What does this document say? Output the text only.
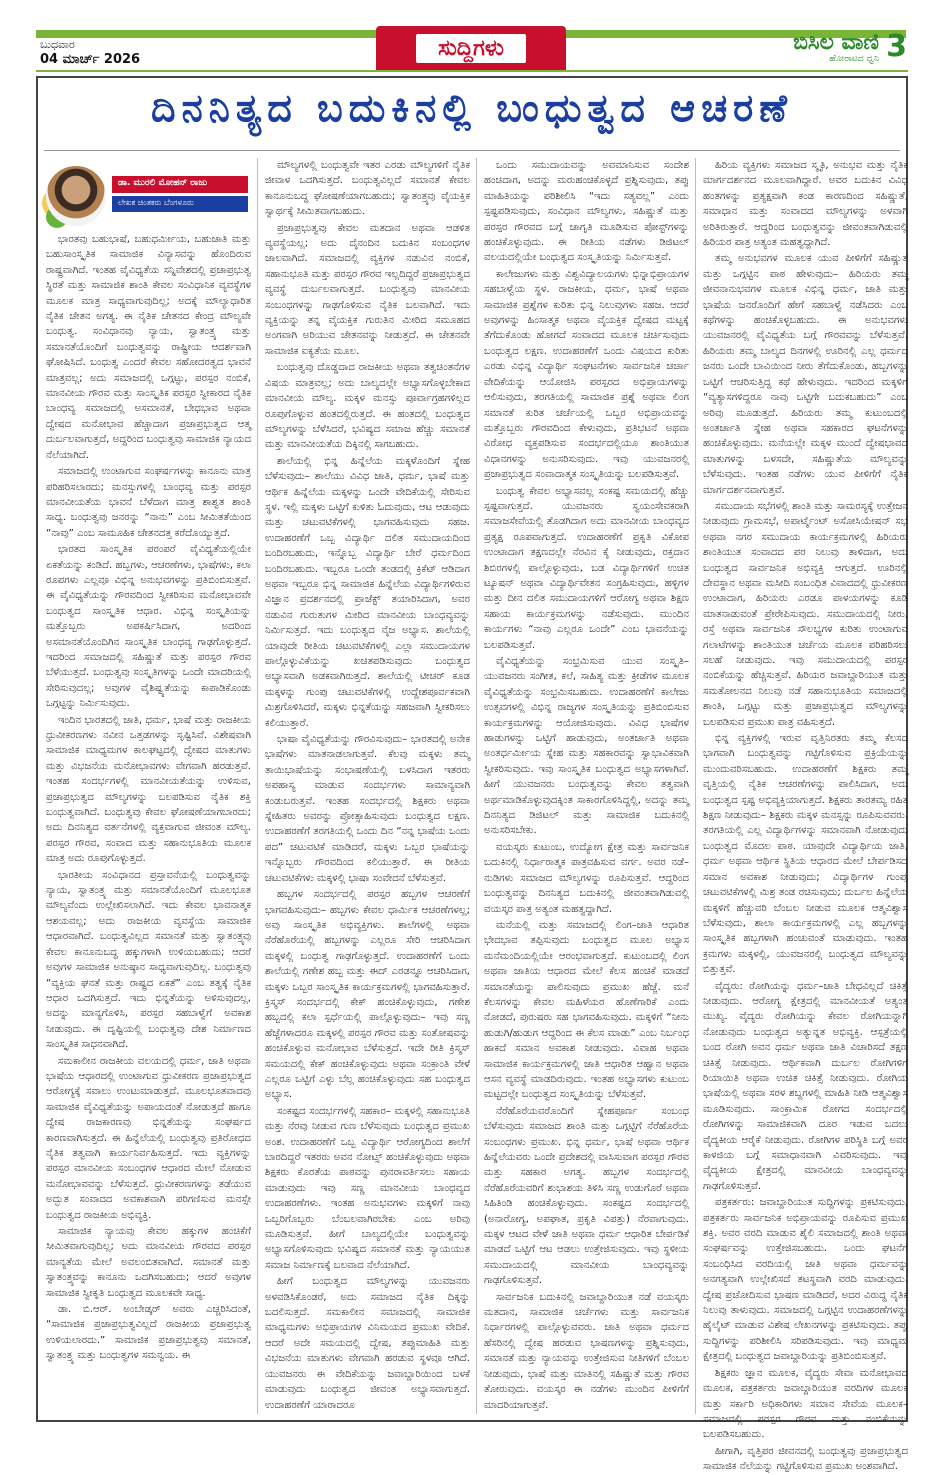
ಬುಧವಾರ
04 ಮಾರ್ಚ್ 2026	ಸುದ್ದಿಗಳು	ಬಿಸಿಲ ವಾಣಿ
ಹೋರಾಟದ ಧ್ವನಿ 3
ದಿನನಿತ್ಯದ ಬದುಕಿನಲ್ಲಿ ಬಂಧುತ್ವದ ಆಚರಣೆ
ಡಾ. ಮುರಲಿ ಮೋಹನ್ ರಾಜು
ಲೇಖಕ ಚಿಂತಕರು ಬೆಂಗಳೂರು

ಭಾರತವು ಬಹುಭಾಷೆ, ಬಹುಧರ್ಮೀಯ, ಬಹುಜಾತಿ ಮತ್ತು ಬಹುಸಾಂಸ್ಕೃತಿಕ ಸಾಮಾಜಿಕ ವಿನ್ಯಾಸವನ್ನು ಹೊಂದಿರುವ ರಾಷ್ಟ್ರವಾಗಿದೆ. ಇಂತಹ ವೈವಿಧ್ಯತೆಯ ಸನ್ನಿವೇಶದಲ್ಲಿ ಪ್ರಜಾಪ್ರಭುತ್ವ ಸ್ಥಿರತೆ ಮತ್ತು ಸಾಮಾಜಿಕ ಶಾಂತಿ ಕೇವಲ ಸಂವಿಧಾನಿಕ ವ್ಯವಸ್ಥೆಗಳ ಮೂಲಕ ಮಾತ್ರ ಸಾಧ್ಯವಾಗುವುದಿಲ್ಲ; ಅದಕ್ಕೆ ಮೌಲ್ಯಾಧಾರಿತ ನೈತಿಕ ಚೇತನ ಅಗತ್ಯ. ಈ ನೈತಿಕ ಚೇತನದ ಕೇಂದ್ರ ಮೌಲ್ಯವೇ ಬಂಧುತ್ವ. ಸಂವಿಧಾನವು ನ್ಯಾಯ, ಸ್ವಾತಂತ್ರ್ಯ ಮತ್ತು ಸಮಾನತೆಯೊಂದಿಗೆ ಬಂಧುತ್ವವನ್ನು ರಾಷ್ಟ್ರೀಯ ಆದರ್ಶವಾಗಿ ಘೋಷಿಸಿದೆ. ಬಂಧುತ್ವ ಎಂದರೆ ಕೇವಲ ಸಹೋದರತ್ವದ ಭಾವನೆ ಮಾತ್ರವಲ್ಲ; ಅದು ಸಮಾಜದಲ್ಲಿ ಒಗ್ಗಟ್ಟು, ಪರಸ್ಪರ ನಂಬಿಕೆ, ಮಾನವೀಯ ಗೌರವ ಮತ್ತು ಸಾಂಸ್ಕೃತಿಕ ಪರಸ್ಪರ ಸ್ವೀಕಾರದ ನೈತಿಕ ಬಾಂಧವ್ಯ ಸಮಾಜದಲ್ಲಿ ಅಸಮಾನತೆ, ಬೇಧಭಾವ ಅಥವಾ ದ್ವೇಷದ ಮನೋಭಾವ ಹೆಚ್ಚಾದಾಗ ಪ್ರಜಾಪ್ರಭುತ್ವದ ಆತ್ಮ ದುರ್ಬಲವಾಗುತ್ತದೆ, ಅದ್ದರಿಂದ ಬಂಧುತ್ವವು ಸಾಮಾಜಿಕ ನ್ಯಾಯದ ನೆಲೆಯಾಗಿದೆ.

ಸಮಾಜದಲ್ಲಿ ಉಂಟಾಗುವ ಸಂಘರ್ಷಗಳನ್ನು ಕಾನೂನು ಮಾತ್ರ ಪರಿಹರಿಸಲಾರದು; ಮನಸ್ಸುಗಳಲ್ಲಿ ಬಾಂಧವ್ಯ ಮತ್ತು ಪರಸ್ಪರ ಮಾನವೀಯತೆಯ ಭಾವನೆ ಬೆಳೆದಾಗ ಮಾತ್ರ ಶಾಶ್ವತ ಶಾಂತಿ ಸಾಧ್ಯ. ಬಂಧುತ್ವವು ಜನರನ್ನು “ನಾನು” ಎಂಬ ಸೀಮಿತತೆಯಿಂದ “ನಾವು” ಎಂಬ ಸಾಮೂಹಿಕ ಚೇತನದತ್ತ ಕರೆದೊಯ್ಯುತ್ತದೆ.

ಭಾರತದ ಸಾಂಸ್ಕೃತಿಕ ಪರಂಪರೆ ವೈವಿಧ್ಯತೆಯಲ್ಲಿಯೇ ಏಕತೆಯನ್ನು ಕಂಡಿದೆ. ಹಬ್ಬಗಳು, ಆಚರಣೆಗಳು, ಭಾಷೆಗಳು, ಕಲಾ ರೂಪಗಳು ಎಲ್ಲವೂ ವಿಭಿನ್ನ ಅನುಭವಗಳನ್ನು ಪ್ರತಿಬಿಂಬಿಸುತ್ತವೆ. ಈ ವೈವಿಧ್ಯತೆಯನ್ನು ಗೌರವದಿಂದ ಸ್ವೀಕರಿಸುವ ಮನೋಭಾವವೇ ಬಂಧುತ್ವದ ಸಾಂಸ್ಕೃತಿಕ ಆಧಾರ. ವಿಭಿನ್ನ ಸಂಸ್ಕೃತಿಯನ್ನು ಮತ್ತೊಬ್ಬರು ಅಪಕರ್ಷಿಸಿದಾಗ, ಅದರಿಂದ ಅಸಮಾನತೆಯೊಂದಿಗಿನ ಸಾಂಸ್ಕೃತಿಕ ಬಾಂಧವ್ಯ ಗಾಢಗೊಳ್ಳುತ್ತದೆ. ಇದರಿಂದ ಸಮಾಜದಲ್ಲಿ ಸಹಿಷ್ಣುತೆ ಮತ್ತು ಪರಸ್ಪರ ಗೌರವ ಬೆಳೆಯುತ್ತದೆ. ಬಂಧುತ್ವವು ಸಂಸ್ಕೃತಿಗಳನ್ನು ಒಂದೇ ಮಾದರಿಯಲ್ಲಿ ಸೇರಿಸುವುದಲ್ಲ; ಅವುಗಳ ವೈಶಿಷ್ಟ್ಯತೆಯನ್ನು ಕಾಪಾಡಿಕೊಂಡು ಒಗ್ಗಟ್ಟನ್ನು ನಿರ್ಮಿಸುವುದು.

ಇಂದಿನ ಭಾರತದಲ್ಲಿ ಜಾತಿ, ಧರ್ಮ, ಭಾಷೆ ಮತ್ತು ರಾಜಕೀಯ ಧ್ರುವೀಕರಣಗಳು ನವೀನ ಒತ್ತಡಗಳನ್ನು ಸೃಷ್ಟಿಸಿವೆ. ವಿಶೇಷವಾಗಿ ಸಾಮಾಜಿಕ ಮಾಧ್ಯಮಗಳ ಕಾಲಘಟ್ಟದಲ್ಲಿ ದ್ವೇಷದ ಮಾತುಗಳು ಮತ್ತು ವಿಭಜನೆಯ ಮನೋಭಾವಗಳು ವೇಗವಾಗಿ ಹರಡುತ್ತವೆ. ಇಂತಹ ಸಂದರ್ಭಗಳಲ್ಲಿ ಮಾನವೀಯತೆಯನ್ನು ಉಳಿಸುವ, ಪ್ರಜಾಪ್ರಭುತ್ವದ ಮೌಲ್ಯಗಳನ್ನು ಬಲಪಡಿಸುವ ನೈತಿಕ ಶಕ್ತಿ ಬಂಧುತ್ವವಾಗಿದೆ. ಬಂಧುತ್ವವು ಕೇವಲ ಘೋಷಣೆಯಾಗಬಾರದು; ಅದು ದಿನನಿತ್ಯದ ವರ್ತನೆಗಳಲ್ಲಿ ವ್ಯಕ್ತವಾಗುವ ಜೀವಂತ ಮೌಲ್ಯ. ಪರಸ್ಪರ ಗೌರವ, ಸಂವಾದ ಮತ್ತು ಸಹಾನುಭೂತಿಯ ಮೂಲಕ ಮಾತ್ರ ಅದು ರೂಪುಗೊಳ್ಳುತ್ತದೆ.

ಭಾರತೀಯ ಸಂವಿಧಾನದ ಪ್ರಸ್ತಾವನೆಯಲ್ಲಿ ಬಂಧುತ್ವವನ್ನು ನ್ಯಾಯ, ಸ್ವಾತಂತ್ರ್ಯ ಮತ್ತು ಸಮಾನತೆಯೊಂದಿಗೆ ಮೂಲಭೂತ ಮೌಲ್ಯವೆಂದು ಉಲ್ಲೇಖಿಸಲಾಗಿದೆ. ಇದು ಕೇವಲ ಭಾವನಾತ್ಮಕ ಆಶಯವಲ್ಲ; ಅದು ರಾಜಕೀಯ ವ್ಯವಸ್ಥೆಯ ಸಾಮಾಜಿಕ ಆಧಾರವಾಗಿದೆ. ಬಂಧುತ್ವವಿಲ್ಲದ ಸಮಾನತೆ ಮತ್ತು ಸ್ವಾತಂತ್ರ್ಯವು ಕೇವಲ ಕಾನೂನುಬದ್ಧ ಹಕ್ಕುಗಳಾಗಿ ಉಳಿಯಬಹುದು; ಆದರೆ ಅವುಗಳ ಸಾಮಾಜಿಕ ಅನುಷ್ಠಾನ ಸಾಧ್ಯವಾಗುವುದಿಲ್ಲ. ಬಂಧುತ್ವವು “ವ್ಯಕ್ತಿಯ ಘನತೆ ಮತ್ತು ರಾಷ್ಟ್ರದ ಏಕತೆ” ಎಂಬ ತತ್ವಕ್ಕೆ ನೈತಿಕ ಆಧಾರ ಒದಗಿಸುತ್ತದೆ. ಇದು ಭಿನ್ನತೆಯನ್ನು ಅಳಿಸುವುದಲ್ಲ, ಅದನ್ನು ಮಾನ್ಯಗೊಳಿಸಿ, ಪರಸ್ಪರ ಸಹಬಾಳ್ವೆಗೆ ಅವಕಾಶ ನೀಡುವುದು. ಈ ದೃಷ್ಟಿಯಲ್ಲಿ ಬಂಧುತ್ವವು ದೇಶ ನಿರ್ಮಾಣದ ಸಾಂಸ್ಕೃತಿಕ ಸಾಧನವಾಗಿದೆ.

ಸಮಕಾಲೀನ ರಾಜಕೀಯ ವಲಯದಲ್ಲಿ ಧರ್ಮ, ಜಾತಿ ಅಥವಾ ಭಾಷೆಯ ಆಧಾರದಲ್ಲಿ ಉಂಟಾಗುವ ಧ್ರುವೀಕರಣ ಪ್ರಜಾಪ್ರಭುತ್ವದ ಆರೋಗ್ಯಕ್ಕೆ ಸವಾಲು ಉಂಟುಮಾಡುತ್ತದೆ. ಮೂಲಭೂತವಾದವು ಸಾಮಾಜಿಕ ವೈವಿಧ್ಯತೆಯನ್ನು ಅಪಾಯದಂತೆ ನೋಡುತ್ತದೆ ಹಾಗೂ ದ್ವೇಷ ರಾಜಕಾರಣವು ಭಿನ್ನತೆಯನ್ನು ಸಂಘರ್ಷದ ಕಾರಣವಾಗಿಸುತ್ತದೆ. ಈ ಹಿನ್ನೆಲೆಯಲ್ಲಿ ಬಂಧುತ್ವವು ಪ್ರತಿರೋಧದ ನೈತಿಕ ತತ್ವವಾಗಿ ಕಾರ್ಯನಿರ್ವಹಿಸುತ್ತದೆ. ಇದು ವ್ಯಕ್ತಿಗಳನ್ನು ಪರಸ್ಪರ ಮಾನವೀಯ ಸಂಬಂಧಗಳ ಆಧಾರದ ಮೇಲೆ ನೋಡುವ ಮನೋಭಾವವನ್ನು ಬೆಳೆಸುತ್ತದೆ. ಧ್ರುವೀಕರಣಗಳನ್ನು ತಡೆಯುವ ಅದ್ಭುತ ಸಂವಾದದ ಅವಕಾಶವಾಗಿ ಪರಿಗಣಿಸುವ ಮನಸ್ಸೇ ಬಂಧುತ್ವದ ರಾಜಕೀಯ ಅಭಿವ್ಯಕ್ತಿ.

ಸಾಮಾಜಿಕ ನ್ಯಾಯವು ಕೇವಲ ಹಕ್ಕುಗಳ ಹಂಚಿಕೆಗೆ ಸೀಮಿತವಾಗುವುದಿಲ್ಲ; ಅದು ಮಾನವೀಯ ಗೌರವದ ಪರಸ್ಪರ ಮಾನ್ಯತೆಯ ಮೇಲೆ ಅವಲಂಬಿತವಾಗಿದೆ. ಸಮಾನತೆ ಮತ್ತು ಸ್ವಾತಂತ್ರ್ಯವನ್ನು ಕಾನೂನು ಒದಗಿಸಬಹುದು; ಆದರೆ ಅವುಗಳ ಸಾಮಾಜಿಕ ಸ್ವೀಕೃತಿ ಬಂಧುತ್ವದ ಮೂಲಕವೇ ಸಾಧ್ಯ.

ಡಾ. ಬಿ.ಆರ್. ಅಂಬೇಡ್ಕರ್ ಅವರು ಎಚ್ಚರಿಸಿದಂತೆ, “ಸಾಮಾಜಿಕ ಪ್ರಜಾಪ್ರಭುತ್ವವಿಲ್ಲದೆ ರಾಜಕೀಯ ಪ್ರಜಾಪ್ರಭುತ್ವ ಉಳಿಯಲಾರದು.” ಸಾಮಾಜಿಕ ಪ್ರಜಾಪ್ರಭುತ್ವವು ಸಮಾನತೆ, ಸ್ವಾತಂತ್ರ್ಯ ಮತ್ತು ಬಂಧುತ್ವಗಳ ಸಮನ್ವಯ. ಈ

ಮೌಲ್ಯಗಳಲ್ಲಿ ಬಂಧುತ್ವವೇ ಇತರ ಎರಡು ಮೌಲ್ಯಗಳಿಗೆ ನೈತಿಕ ಜೀವಾಳ ಒದಗಿಸುತ್ತದೆ. ಬಂಧುತ್ವವಿಲ್ಲದೆ ಸಮಾನತೆ ಕೇವಲ ಕಾನೂನುಬದ್ಧ ಘೋಷಣೆಯಾಗಬಹುದು; ಸ್ವಾತಂತ್ರ್ಯವು ವೈಯಕ್ತಿಕ ಸ್ವಾರ್ಥಕ್ಕೆ ಸೀಮಿತವಾಗಬಹುದು.

ಪ್ರಜಾಪ್ರಭುತ್ವವು ಕೇವಲ ಮತದಾನ ಅಥವಾ ಆಡಳಿತ ವ್ಯವಸ್ಥೆಯಲ್ಲ; ಅದು ದೈನಂದಿನ ಬದುಕಿನ ಸಂಬಂಧಗಳ ಜಾಲವಾಗಿದೆ. ಸಮಾಜದಲ್ಲಿ ವ್ಯಕ್ತಿಗಳ ನಡುವಿನ ನಂಬಿಕೆ, ಸಹಾನುಭೂತಿ ಮತ್ತು ಪರಸ್ಪರ ಗೌರವ ಇಲ್ಲದಿದ್ದರೆ ಪ್ರಜಾಪ್ರಭುತ್ವದ ವ್ಯವಸ್ಥೆ ದುರ್ಬಲವಾಗುತ್ತದೆ. ಬಂಧುತ್ವವು ಮಾನವೀಯ ಸಂಬಂಧಗಳನ್ನು ಗಾಢಗೊಳಿಸುವ ನೈತಿಕ ಬಲವಾಗಿದೆ. ಇದು ವ್ಯಕ್ತಿಯನ್ನು ತನ್ನ ವೈಯಕ್ತಿಕ ಗುರುತಿನ ಮೀರಿದ ಸಮೂಹದ ಅಂಗವಾಗಿ ಅರಿಯುವ ಚೇತನವನ್ನು ನೀಡುತ್ತದೆ. ಈ ಚೇತನವೇ ಸಾಮಾಜಿಕ ಐಕ್ಯತೆಯ ಮೂಲ.

ಬಂಧುತ್ವವು ದೊಡ್ಡದಾದ ರಾಜಕೀಯ ಅಥವಾ ತತ್ವಚಿಂತನೆಗಳ ವಿಷಯ ಮಾತ್ರವಲ್ಲ; ಅದು ಬಾಲ್ಯದಲ್ಲೇ ಅಭ್ಯಾಸಗೊಳ್ಳಬೇಕಾದ ಮಾನವೀಯ ಮೌಲ್ಯ. ಮಕ್ಕಳ ಮನಸ್ಸು ಪೂರ್ವಾಗ್ರಹಗಳಿಲ್ಲದ ರೂಪುಗೊಳ್ಳುವ ಹಂತದಲ್ಲಿರುತ್ತದೆ. ಈ ಹಂತದಲ್ಲಿ ಬಂಧುತ್ವದ ಮೌಲ್ಯಗಳನ್ನು ಬೆಳೆಸಿದರೆ, ಭವಿಷ್ಯದ ಸಮಾಜ ಹೆಚ್ಚು ಸಮಾನತೆ ಮತ್ತು ಮಾನವೀಯತೆಯ ದಿಕ್ಕಿನಲ್ಲಿ ಸಾಗಬಹುದು.

ಶಾಲೆಯಲ್ಲಿ ಭಿನ್ನ ಹಿನ್ನೆಲೆಯ ಮಕ್ಕಳೊಂದಿಗೆ ಸ್ನೇಹ ಬೆಳೆಸುವುದು– ಶಾಲೆಯು ವಿವಿಧ ಜಾತಿ, ಧರ್ಮ, ಭಾಷೆ ಮತ್ತು ಆರ್ಥಿಕ ಹಿನ್ನೆಲೆಯ ಮಕ್ಕಳನ್ನು ಒಂದೇ ವೇದಿಕೆಯಲ್ಲಿ ಸೇರಿಸುವ ಸ್ಥಳ. ಇಲ್ಲಿ ಮಕ್ಕಳು ಒಟ್ಟಿಗೆ ಕುಳಿತು ಓದುವುದು, ಆಟ ಆಡುವುದು ಮತ್ತು ಚಟುವಟಿಕೆಗಳಲ್ಲಿ ಭಾಗವಹಿಸುವುದು ಸಹಜ. ಉದಾಹರಣೆಗೆ ಒಬ್ಬ ವಿದ್ಯಾರ್ಥಿ ದಲಿತ ಸಮುದಾಯದಿಂದ ಬಂದಿರಬಹುದು, ಇನ್ನೊಬ್ಬ ವಿದ್ಯಾರ್ಥಿ ಬೇರೆ ಧರ್ಮದಿಂದ ಬಂದಿರಬಹುದು. ಇಬ್ಬರೂ ಒಂದೇ ತಂಡದಲ್ಲಿ ಕ್ರಿಕೆಟ್ ಆಡಿದಾಗ ಅಥವಾ ಇಬ್ಬರೂ ಭಿನ್ನ ಸಾಮಾಜಿಕ ಹಿನ್ನೆಲೆಯ ವಿದ್ಯಾರ್ಥಿಗಳಿರುವ ವಿಜ್ಞಾನ ಪ್ರದರ್ಶನದಲ್ಲಿ ಪ್ರಾಜೆಕ್ಟ್ ತಯಾರಿಸಿದಾಗ, ಅವರ ನಡುವಿನ ಗುರುತುಗಳ ಮೀರಿದ ಮಾನವೀಯ ಬಾಂಧವ್ಯವನ್ನು ನಿರ್ಮಿಸುತ್ತದೆ. ಇದು ಬಂಧುತ್ವದ ನೈಜ ಅಭ್ಯಾಸ. ಶಾಲೆಯಲ್ಲಿ ಯಾವುದೇ ರೀತಿಯ ಚಟುವಟಿಕೆಗಳಲ್ಲಿ ಎಲ್ಲಾ ಸಮುದಾಯಗಳ ಪಾಲ್ಗೊಳ್ಳುವಿಕೆಯನ್ನು ಖಚಿತಪಡಿಸುವುದು ಬಂಧುತ್ವದ ಅಭ್ಯಾಸವಾಗಿ ಅಡಕವಾಗಿರುತ್ತದೆ. ಶಾಲೆಯಲ್ಲಿ ಟೀಚರ್ ಕೂಡ ಮಕ್ಕಳನ್ನು ಗುಂಪು ಚಟುವಟಿಕೆಗಳಲ್ಲಿ ಉದ್ದೇಶಪೂರ್ವಕವಾಗಿ ಮಿಶ್ರಗೊಳಿಸಿದರೆ, ಮಕ್ಕಳು ಭಿನ್ನತೆಯನ್ನು ಸಹಜವಾಗಿ ಸ್ವೀಕರಿಸಲು ಕಲಿಯುತ್ತಾರೆ.

ಭಾಷಾ ವೈವಿಧ್ಯತೆಯನ್ನು ಗೌರವಿಸುವುದು– ಭಾರತದಲ್ಲಿ ಅನೇಕ ಭಾಷೆಗಳು ಮಾತನಾಡಲಾಗುತ್ತವೆ. ಕೆಲವು ಮಕ್ಕಳು ತಮ್ಮ ತಾಯಿಭಾಷೆಯನ್ನು ಸಂಭಾಷಣೆಯಲ್ಲಿ ಬಳಸಿದಾಗ ಇತರರು ಅಪಹಾಸ್ಯ ಮಾಡುವ ಸಂದರ್ಭಗಳು ಸಾಮಾನ್ಯವಾಗಿ ಕಂಡುಬರುತ್ತವೆ. ಇಂತಹ ಸಂದರ್ಭದಲ್ಲಿ ಶಿಕ್ಷಕರು ಅಥವಾ ಸ್ನೇಹಿತರು ಅವರನ್ನು ಪ್ರೋತ್ಸಾಹಿಸುವುದು ಬಂಧುತ್ವದ ಲಕ್ಷಣ. ಉದಾಹರಣೆಗೆ ತರಗತಿಯಲ್ಲಿ ಒಂದು ದಿನ “ನನ್ನ ಭಾಷೆಯ ಒಂದು ಪದ” ಚಟುವಟಿಕೆ ಮಾಡಿದರೆ, ಮಕ್ಕಳು ಒಬ್ಬರ ಭಾಷೆಯನ್ನು ಇನ್ನೊಬ್ಬರು ಗೌರವದಿಂದ ಕಲಿಯುತ್ತಾರೆ. ಈ ರೀತಿಯ ಚಟುವಟಿಕೆಗಳು ಮಕ್ಕಳಲ್ಲಿ ಭಾಷಾ ಸಂವೇದನೆ ಬೆಳೆಸುತ್ತವೆ.

ಹಬ್ಬಗಳ ಸಂದರ್ಭದಲ್ಲಿ ಪರಸ್ಪರ ಹಬ್ಬಗಳ ಆಚರಣೆಗೆ ಭಾಗವಹಿಸುವುದು– ಹಬ್ಬಗಳು ಕೇವಲ ಧಾರ್ಮಿಕ ಆಚರಣೆಗಳಲ್ಲ; ಅವು ಸಾಂಸ್ಕೃತಿಕ ಅಭಿವ್ಯಕ್ತಿಗಳು. ಶಾಲೆಗಳಲ್ಲಿ ಅಥವಾ ನೆರೆಹೊರೆಯಲ್ಲಿ ಹಬ್ಬಗಳನ್ನು ಎಲ್ಲರೂ ಸೇರಿ ಆಚರಿಸಿದಾಗ ಮಕ್ಕಳಲ್ಲಿ ಬಂಧುತ್ವ ಗಾಢಗೊಳ್ಳುತ್ತದೆ. ಉದಾಹರಣೆಗೆ ಒಂದು ಶಾಲೆಯಲ್ಲಿ ಗಣೇಶ ಹಬ್ಬ ಮತ್ತು ಈದ್ ಎರಡನ್ನೂ ಆಚರಿಸಿದಾಗ, ಮಕ್ಕಳು ಒಬ್ಬರ ಸಾಂಸ್ಕೃತಿಕ ಕಾರ್ಯಕ್ರಮಗಳಲ್ಲಿ ಭಾಗವಹಿಸುತ್ತಾರೆ. ಕ್ರಿಸ್ಮಸ್ ಸಂದರ್ಭದಲ್ಲಿ ಕೇಕ್ ಹಂಚಿಕೊಳ್ಳುವುದು, ಗಣೇಶ ಹಬ್ಬದಲ್ಲಿ ಕಲಾ ಸ್ಪರ್ಧೆಯಲ್ಲಿ ಪಾಲ್ಗೊಳ್ಳುವುದು– ಇವು ಸಣ್ಣ ಹೆಜ್ಜೆಗಳಾದರೂ ಮಕ್ಕಳಲ್ಲಿ ಪರಸ್ಪರ ಗೌರವ ಮತ್ತು ಸಂತೋಷವನ್ನು ಹಂಚಿಕೊಳ್ಳುವ ಮನೋಭಾವ ಬೆಳೆಸುತ್ತದೆ. ಇದೇ ರೀತಿ ಕ್ರಿಸ್ಮಸ್ ಸಮಯದಲ್ಲಿ ಕೇಕ್ ಹಂಚಿಕೊಳ್ಳುವುದು ಅಥವಾ ಸಂಕ್ರಾಂತಿ ವೇಳೆ ಎಲ್ಲರೂ ಒಟ್ಟಿಗೆ ಎಳ್ಳು ಬೆಲ್ಲ ಹಂಚಿಕೊಳ್ಳುವುದು ಸಹ ಬಂಧುತ್ವದ ಅಭ್ಯಾಸ.

ಸಂಕಷ್ಟದ ಸಂದರ್ಭಗಳಲ್ಲಿ ಸಹಕಾರ– ಮಕ್ಕಳಲ್ಲಿ ಸಹಾನುಭೂತಿ ಮತ್ತು ನೆರವು ನೀಡುವ ಗುಣ ಬೆಳೆಸುವುದು ಬಂಧುತ್ವದ ಪ್ರಮುಖ ಅಂಶ. ಉದಾಹರಣೆಗೆ ಒಬ್ಬ ವಿದ್ಯಾರ್ಥಿ ಆರೋಗ್ಯದಿಂದ ಶಾಲೆಗೆ ಬಾರದಿದ್ದರೆ ಇತರರು ಅವನ ನೋಟ್ಸ್ ಹಂಚಿಕೊಳ್ಳುವುದು ಅಥವಾ ಶಿಕ್ಷಕರು ಕೊರತೆಯ ಪಾಠವನ್ನು ಪುನರಾವರ್ತಿಸಲು ಸಹಾಯ ಮಾಡುವುದು ಇವು ಸಣ್ಣ ಮಾನವೀಯ ಬಾಂಧವ್ಯದ ಉದಾಹರಣೆಗಳು. ಇಂತಹ ಅನುಭವಗಳು ಮಕ್ಕಳಿಗೆ ನಾವು ಒಬ್ಬರಿಗೊಬ್ಬರು ಬೆಂಬಲವಾಗಿರಬೇಕು ಎಂಬ ಅರಿವು ಮೂಡಿಸುತ್ತವೆ. ಹೀಗೆ ಬಾಲ್ಯದಲ್ಲಿಯೇ ಬಂಧುತ್ವವನ್ನು ಅಭ್ಯಾಸಗೊಳಿಸುವುದು ಭವಿಷ್ಯದ ಸಮಾನತೆ ಮತ್ತು ನ್ಯಾಯಯುತ ಸಮಾಜ ನಿರ್ಮಾಣಕ್ಕೆ ಬಲವಾದ ನೆಲೆಯಾಗಿದೆ.

ಹೀಗೆ ಬಂಧುತ್ವದ ಮೌಲ್ಯಗಳನ್ನು ಯುವಜನರು ಅಳವಡಿಸಿಕೊಂಡರೆ, ಅದು ಸಮಾಜದ ನೈತಿಕ ದಿಕ್ಕನ್ನು ಬದಲಿಸುತ್ತದೆ. ಸಮಕಾಲೀನ ಸಮಾಜದಲ್ಲಿ ಸಾಮಾಜಿಕ ಮಾಧ್ಯಮಗಳು ಅಭಿಪ್ರಾಯಗಳ ವಿನಿಮಯದ ಪ್ರಮುಖ ವೇದಿಕೆ. ಆದರೆ ಅದೇ ಸಮಯದಲ್ಲಿ ದ್ವೇಷ, ತಪ್ಪುಮಾಹಿತಿ ಮತ್ತು ವಿಭಜನೆಯ ಮಾತುಗಳು ವೇಗವಾಗಿ ಹರಡುವ ಸ್ಥಳವೂ ಆಗಿದೆ. ಯುವಜನರು ಈ ವೇದಿಕೆಯನ್ನು ಜವಾಬ್ದಾರಿಯಿಂದ ಬಳಕೆ ಮಾಡುವುದು ಬಂಧುತ್ವದ ಜೀವಂತ ಅಭ್ಯಾಸವಾಗುತ್ತದೆ. ಉದಾಹರಣೆಗೆ ಯಾರಾದರೂ

ಒಂದು ಸಮುದಾಯವನ್ನು ಅವಮಾನಿಸುವ ಸಂದೇಶ ಹಂಚಿದಾಗ, ಅದನ್ನು ಮರುಹಂಚಿಕೊಳ್ಳದೆ ಪ್ರಶ್ನಿಸುವುದು, ತಪ್ಪು ಮಾಹಿತಿಯನ್ನು ಪರಿಶೀಲಿಸಿ “ಇದು ಸತ್ಯವಲ್ಲ” ಎಂದು ಸ್ಪಷ್ಟಪಡಿಸುವುದು, ಸಂವಿಧಾನ ಮೌಲ್ಯಗಳು, ಸಹಿಷ್ಣುತೆ ಮತ್ತು ಪರಸ್ಪರ ಗೌರವದ ಬಗ್ಗೆ ಜಾಗೃತಿ ಮೂಡಿಸುವ ಪೋಸ್ಟ್‌ಗಳನ್ನು ಹಂಚಿಕೊಳ್ಳುವುದು. ಈ ರೀತಿಯ ನಡೆಗಳು ಡಿಜಿಟಲ್ ವಲಯದಲ್ಲಿಯೇ ಬಂಧುತ್ವದ ಸಂಸ್ಕೃತಿಯನ್ನು ನಿರ್ಮಿಸುತ್ತವೆ.

ಕಾಲೇಜುಗಳು ಮತ್ತು ವಿಶ್ವವಿದ್ಯಾಲಯಗಳು ಭಿನ್ನಾಭಿಪ್ರಾಯಗಳ ಸಹಬಾಳ್ವೆಯ ಸ್ಥಳ. ರಾಜಕೀಯ, ಧರ್ಮ, ಭಾಷೆ ಅಥವಾ ಸಾಮಾಜಿಕ ಪ್ರಶ್ನೆಗಳ ಕುರಿತು ಭಿನ್ನ ನಿಲುವುಗಳು ಸಹಜ. ಆದರೆ ಅವುಗಳನ್ನು ಹಿಂಸಾತ್ಮಕ ಅಥವಾ ವೈಯಕ್ತಿಕ ದ್ವೇಷದ ಮಟ್ಟಕ್ಕೆ ತೆಗೆದುಕೊಂಡು ಹೋಗದೆ ಸಂವಾದದ ಮೂಲಕ ಚರ್ಚಿಸುವುದು ಬಂಧುತ್ವದ ಲಕ್ಷಣ. ಉದಾಹರಣೆಗೆ ಒಂದು ವಿಷಯದ ಕುರಿತು ಎರಡು ವಿಭಿನ್ನ ವಿದ್ಯಾರ್ಥಿ ಸಂಘಟನೆಗಳು ಸಾರ್ವಜನಿಕ ಚರ್ಚಾ ವೇದಿಕೆಯನ್ನು ಆಯೋಜಿಸಿ ಪರಸ್ಪರದ ಅಭಿಪ್ರಾಯಗಳನ್ನು ಆಲಿಸುವುದು, ತರಗತಿಯಲ್ಲಿ ಸಾಮಾಜಿಕ ಪ್ರಶ್ನೆ ಅಥವಾ ಲಿಂಗ ಸಮಾನತೆ ಕುರಿತ ಚರ್ಚೆಯಲ್ಲಿ ಒಬ್ಬರ ಅಭಿಪ್ರಾಯವನ್ನು ಮತ್ತೊಬ್ಬರು ಗೌರವದಿಂದ ಕೇಳುವುದು, ಪ್ರತಿಭಟನೆ ಅಥವಾ ವಿರೋಧ ವ್ಯಕ್ತಪಡಿಸುವ ಸಂದರ್ಭದಲ್ಲಿಯೂ ಶಾಂತಿಯುತ ವಿಧಾನಗಳನ್ನು ಅನುಸರಿಸುವುದು. ಇವು ಯುವಜನರಲ್ಲಿ ಪ್ರಜಾಪ್ರಭುತ್ವದ ಸಂವಾದಾತ್ಮಕ ಸಂಸ್ಕೃತಿಯನ್ನು ಬಲಪಡಿಸುತ್ತವೆ.

ಬಂಧುತ್ವ ಕೇವಲ ಅಭ್ಯಾಸವಲ್ಲ ಸಂಕಷ್ಟ ಸಮಯದಲ್ಲಿ ಹೆಚ್ಚು ಸ್ಪಷ್ಟವಾಗುತ್ತದೆ. ಯುವಜನರು ಸ್ವಯಂಸೇವಕರಾಗಿ ಸಮಾಜಸೇವೆಯಲ್ಲಿ ತೊಡಗಿದಾಗ ಅದು ಮಾನವೀಯ ಬಾಂಧವ್ಯದ ಪ್ರತ್ಯಕ್ಷ ರೂಪವಾಗುತ್ತದೆ. ಉದಾಹರಣೆಗೆ ಪ್ರಕೃತಿ ವಿಕೋಪ ಉಂಟಾದಾಗ ತಕ್ಷಣದಲ್ಲೇ ನೆರವಿನ ಕೈ ನೀಡುವುದು, ರಕ್ತದಾನ ಶಿಬಿರಗಳಲ್ಲಿ ಪಾಲ್ಗೊಳ್ಳುವುದು, ಬಡ ವಿದ್ಯಾರ್ಥಿಗಳಿಗೆ ಉಚಿತ ಟ್ಯೂಷನ್ ಅಥವಾ ವಿದ್ಯಾರ್ಥಿವೇತನ ಸಂಗ್ರಹಿಸುವುದು, ಹಳ್ಳಿಗಳ ಮತ್ತು ದೀನ ದಲಿತ ಸಮುದಾಯಗಳಿಗೆ ಆರೋಗ್ಯ ಅಥವಾ ಶಿಕ್ಷಣ ಸಹಾಯ ಕಾರ್ಯಕ್ರಮಗಳನ್ನು ನಡೆಸುವುದು. ಮುಂದಿನ ಕಾರ್ಯಗಳು “ನಾವು ಎಲ್ಲರೂ ಒಂದೇ” ಎಂಬ ಭಾವನೆಯನ್ನು ಬಲಪಡಿಸುತ್ತವೆ.

ವೈವಿಧ್ಯತೆಯನ್ನು ಸಂಭ್ರಮಿಸುವ ಯುವ ಸಂಸ್ಕೃತಿ– ಯುವಜನರು ಸಂಗೀತ, ಕಲೆ, ಸಾಹಿತ್ಯ ಮತ್ತು ಕ್ರೀಡೆಗಳ ಮೂಲಕ ವೈವಿಧ್ಯತೆಯನ್ನು ಸಂಭ್ರಮಿಸಬಹುದು. ಉದಾಹರಣೆಗೆ ಕಾಲೇಜು ಉತ್ಸವಗಳಲ್ಲಿ ವಿಭಿನ್ನ ರಾಜ್ಯಗಳ ಸಂಸ್ಕೃತಿಯನ್ನು ಪ್ರತಿಬಿಂಬಿಸುವ ಕಾರ್ಯಕ್ರಮಗಳನ್ನು ಆಯೋಜಿಸುವುದು. ವಿವಿಧ ಭಾಷೆಗಳ ಹಾಡುಗಳನ್ನು ಒಟ್ಟಿಗೆ ಹಾಡುವುದು, ಅಂತರ್ಜಾತಿ ಅಥವಾ ಅಂತರ್ಧರ್ಮೀಯ ಸ್ನೇಹ ಮತ್ತು ಸಹಕಾರವನ್ನು ಸ್ವಾಭಾವಿಕವಾಗಿ ಸ್ವೀಕರಿಸುವುದು. ಇವು ಸಾಂಸ್ಕೃತಿಕ ಬಂಧುತ್ವದ ಅಭ್ಯಾಸಗಳಾಗಿವೆ. ಹೀಗೆ ಯುವಜನರು ಬಂಧುತ್ವವನ್ನು ಕೇವಲ ತತ್ವವಾಗಿ ಅರ್ಥಮಾಡಿಕೊಳ್ಳುವುದಕ್ಕಿಂತ ಸಾಕಾರಗೊಳಿಸಿದ್ದಲ್ಲಿ, ಅದನ್ನು ತಮ್ಮ ದಿನನಿತ್ಯದ ಡಿಜಿಟಲ್ ಮತ್ತು ಸಾಮಾಜಿಕ ಬದುಕಿನಲ್ಲಿ ಅನುಸರಿಸಬೇಕು.

ವಯಸ್ಕರು ಕುಟುಂಬ, ಉದ್ಯೋಗ ಕ್ಷೇತ್ರ ಮತ್ತು ಸಾರ್ವಜನಿಕ ಬದುಕಿನಲ್ಲಿ ನಿರ್ಧಾರಾತ್ಮಕ ಪಾತ್ರವಹಿಸುವ ವರ್ಗ. ಅವರ ನಡೆ–ನುಡಿಗಳು ಸಮಾಜದ ಮೌಲ್ಯಗಳನ್ನು ರೂಪಿಸುತ್ತವೆ. ಆದ್ದರಿಂದ ಬಂಧುತ್ವವನ್ನು ದಿನನಿತ್ಯದ ಬದುಕಿನಲ್ಲಿ ಜೀವಂತವಾಗಿಡುವಲ್ಲಿ ವಯಸ್ಕರ ಪಾತ್ರ ಅತ್ಯಂತ ಮಹತ್ವದ್ದಾಗಿದೆ.

ಮನೆಯಲ್ಲಿ ಮತ್ತು ಸಮಾಜದಲ್ಲಿ ಲಿಂಗ–ಜಾತಿ ಆಧಾರಿತ ಭೇದಭಾವ ತಪ್ಪಿಸುವುದು ಬಂಧುತ್ವದ ಮೂಲ ಅಭ್ಯಾಸ ಮನೆಮಂದಿಯಲ್ಲಿಯೇ ಆರಂಭವಾಗುತ್ತದೆ. ಕುಟುಂಬದಲ್ಲಿ ಲಿಂಗ ಅಥವಾ ಜಾತಿಯ ಆಧಾರದ ಮೇಲೆ ಕೆಲಸ ಹಂಚಿಕೆ ಮಾಡದೆ ಸಮಾನತೆಯನ್ನು ಪಾಲಿಸುವುದು ಪ್ರಮುಖ ಹೆಜ್ಜೆ. ಮನೆ ಕೆಲಸಗಳನ್ನು ಕೇವಲ ಮಹಿಳೆಯರ ಹೊಣೆಗಾರಿಕೆ ಎಂದು ನೋಡದೆ, ಪುರುಷರು ಸಹ ಭಾಗವಹಿಸುವುದು. ಮಕ್ಕಳಿಗೆ “ನೀನು ಹುಡುಗಿ/ಹುಡುಗ ಆದ್ದರಿಂದ ಈ ಕೆಲಸ ಮಾಡು” ಎಂಬ ನಿರ್ಬಂಧ ಹಾಕದೆ ಸಮಾನ ಅವಕಾಶ ನೀಡುವುದು. ವಿವಾಹ ಅಥವಾ ಸಾಮಾಜಿಕ ಕಾರ್ಯಕ್ರಮಗಳಲ್ಲಿ ಜಾತಿ ಆಧಾರಿತ ಆಹ್ವಾನ ಅಥವಾ ಆಸನ ವ್ಯವಸ್ಥೆ ಮಾಡದಿರುವುದು. ಇಂತಹ ಅಭ್ಯಾಸಗಳು ಕುಟುಂಬ ಮಟ್ಟದಲ್ಲೇ ಬಂಧುತ್ವದ ಸಂಸ್ಕೃತಿಯನ್ನು ಬೆಳೆಸುತ್ತವೆ.

ನೆರೆಹೊರೆಯವರೊಂದಿಗೆ ಸ್ನೇಹಪೂರ್ಣ ಸಂಬಂಧ ಬೆಳೆಸುವುದು ಸಮಾಜದ ಶಾಂತಿ ಮತ್ತು ಒಗ್ಗಟ್ಟಿಗೆ ನೆರೆಹೊರೆಯ ಸಂಬಂಧಗಳು ಪ್ರಮುಖ. ಭಿನ್ನ ಧರ್ಮ, ಭಾಷೆ ಅಥವಾ ಆರ್ಥಿಕ ಹಿನ್ನೆಲೆಯವರು ಒಂದೇ ಪ್ರದೇಶದಲ್ಲಿ ವಾಸಿಸುವಾಗ ಪರಸ್ಪರ ಗೌರವ ಮತ್ತು ಸಹಕಾರ ಅಗತ್ಯ. ಹಬ್ಬಗಳ ಸಂದರ್ಭದಲ್ಲಿ ನೆರೆಹೊರೆಯವರಿಗೆ ಶುಭಾಶಯ ತಿಳಿಸಿ ಸಣ್ಣ ಉಡುಗೊರೆ ಅಥವಾ ಸಿಹಿತಿಂಡಿ ಹಂಚಿಕೊಳ್ಳುವುದು. ಸಂಕಷ್ಟದ ಸಂದರ್ಭದಲ್ಲಿ (ಅನಾರೋಗ್ಯ, ಅಪಘಾತ, ಪ್ರಕೃತಿ ವಿಪತ್ತು) ನೆರವಾಗುವುದು. ಮಕ್ಕಳ ಆಟದ ವೇಳೆ ಜಾತಿ ಅಥವಾ ಧರ್ಮ ಆಧಾರಿತ ಬೇರ್ಪಡಿಕೆ ಮಾಡದೆ ಒಟ್ಟಿಗೆ ಆಟ ಆಡಲು ಉತ್ತೇಜಿಸುವುದು. ಇವು ಸ್ಥಳೀಯ ಸಮುದಾಯದಲ್ಲಿ ಮಾನವೀಯ ಬಾಂಧವ್ಯವನ್ನು ಗಾಢಗೊಳಿಸುತ್ತವೆ.

ಸಾರ್ವಜನಿಕ ಬದುಕಿನಲ್ಲಿ ಜವಾಬ್ದಾರಿಯುತ ನಡೆ ವಯಸ್ಕರು ಮತದಾನ, ಸಾಮಾಜಿಕ ಚರ್ಚೆಗಳು ಮತ್ತು ಸಾರ್ವಜನಿಕ ನಿರ್ಧಾರಗಳಲ್ಲಿ ಪಾಲ್ಗೊಳ್ಳುವವರು. ಜಾತಿ ಅಥವಾ ಧರ್ಮದ ಹೆಸರಿನಲ್ಲಿ ದ್ವೇಷ ಹರಡುವ ಭಾಷಣಗಳನ್ನು ಪ್ರಶ್ನಿಸುವುದು, ಸಮಾನತೆ ಮತ್ತು ನ್ಯಾಯವನ್ನು ಉತ್ತೇಜಿಸುವ ನೀತಿಗಳಿಗೆ ಬೆಂಬಲ ನೀಡುವುದು, ಭಾಷೆ ಮತ್ತು ಮಾತಿನಲ್ಲಿ ಸಹಿಷ್ಣುತೆ ಮತ್ತು ಗೌರವ ತೋರುವುದು. ವಯಸ್ಕರ ಈ ನಡೆಗಳು ಮುಂದಿನ ಪೀಳಿಗೆಗೆ ಮಾದರಿಯಾಗುತ್ತವೆ.

ಹಿರಿಯ ವ್ಯಕ್ತಿಗಳು ಸಮಾಜದ ಸ್ಮೃತಿ, ಅನುಭವ ಮತ್ತು ನೈತಿಕ ಮಾರ್ಗದರ್ಶನದ ಮೂಲವಾಗಿದ್ದಾರೆ. ಅವರ ಬದುಕಿನ ವಿವಿಧ ಹಂತಗಳನ್ನು ಪ್ರತ್ಯಕ್ಷವಾಗಿ ಕಂಡ ಕಾರಣದಿಂದ ಸಹಿಷ್ಣುತೆ, ಸಮಾಧಾನ ಮತ್ತು ಸಂವಾದದ ಮೌಲ್ಯಗಳನ್ನು ಅಳವಾಗಿ ಅರಿತಿರುತ್ತಾರೆ. ಆದ್ದರಿಂದ ಬಂಧುತ್ವವನ್ನು ಜೀವಂತವಾಗಿಡುವಲ್ಲಿ ಹಿರಿಯರ ಪಾತ್ರ ಅತ್ಯಂತ ಮಹತ್ವದ್ದಾಗಿದೆ.

ತಮ್ಮ ಅನುಭವಗಳ ಮೂಲಕ ಯುವ ಪೀಳಿಗೆಗೆ ಸಹಿಷ್ಣುತೆ ಮತ್ತು ಒಗ್ಗಟ್ಟಿನ ಪಾಠ ಹೇಳುವುದು– ಹಿರಿಯರು ತಮ್ಮ ಜೀವನಾನುಭವಗಳ ಮೂಲಕ ವಿಭಿನ್ನ ಧರ್ಮ, ಜಾತಿ ಮತ್ತು ಭಾಷೆಯ ಜನರೊಂದಿಗೆ ಹೇಗೆ ಸಹಬಾಳ್ವೆ ನಡೆಸಿದರು ಎಂಬ ಕಥೆಗಳನ್ನು ಹಂಚಿಕೊಳ್ಳಬಹುದು. ಈ ಅನುಭವಗಳು ಯುವಜನರಲ್ಲಿ ವೈವಿಧ್ಯತೆಯ ಬಗ್ಗೆ ಗೌರವವನ್ನು ಬೆಳೆಸುತ್ತವೆ. ಹಿರಿಯರು ತಮ್ಮ ಬಾಲ್ಯದ ದಿನಗಳಲ್ಲಿ ಊರಿನಲ್ಲಿ ಎಲ್ಲ ಧರ್ಮದ ಜನರು ಒಂದೇ ಬಾವಿಯಿಂದ ನೀರು ತೆಗೆದುಕೊಂಡು, ಹಬ್ಬಗಳನ್ನು ಒಟ್ಟಿಗೆ ಆಚರಿಸುತ್ತಿದ್ದ ಕಥೆ ಹೇಳುವುದು. ಇದರಿಂದ ಮಕ್ಕಳಿಗೆ “ವ್ಯತ್ಯಾಸಗಳಿದ್ದರೂ ನಾವು ಒಟ್ಟಿಗೇ ಬದುಕಬಹುದು” ಎಂಬ ಅರಿವು ಮೂಡುತ್ತದೆ. ಹಿರಿಯರು ತಮ್ಮ ಕುಟುಂಬದಲ್ಲಿ ಅಂತರ್ಜಾತಿ ಸ್ನೇಹ ಅಥವಾ ಸಹಕಾರದ ಘಟನೆಗಳನ್ನು ಹಂಚಿಕೊಳ್ಳುವುದು. ಮನೆಯಲ್ಲೇ ಮಕ್ಕಳ ಮುಂದೆ ದ್ವೇಷಭಾವದ ಮಾತುಗಳನ್ನು ಬಳಸದೇ, ಸಹಿಷ್ಣುತೆಯ ಮೌಲ್ಯವನ್ನು ಬೆಳೆಸುವುದು. ಇಂತಹ ನಡೆಗಳು ಯುವ ಪೀಳಿಗೆಗೆ ನೈತಿಕ ಮಾರ್ಗದರ್ಶನವಾಗುತ್ತವೆ.

ಸಮುದಾಯ ಸಭೆಗಳಲ್ಲಿ ಶಾಂತಿ ಮತ್ತು ಸಾಮರಸ್ಯಕ್ಕೆ ಉತ್ತೇಜನ ನೀಡುವುದು ಗ್ರಾಮಸಭೆ, ಅಪಾರ್ಟ್ಮೆಂಟ್ ಅಸೋಸಿಯೇಷನ್ ಸಭೆ ಅಥವಾ ನಗರ ಸಮುದಾಯ ಕಾರ್ಯಕ್ರಮಗಳಲ್ಲಿ ಹಿರಿಯರು ಶಾಂತಿಯುತ ಸಂವಾದದ ಪರ ನಿಲುವು ತಾಳಿದಾಗ, ಅದು ಬಂಧುತ್ವದ ಸಾರ್ವಜನಿಕ ಅಭಿವ್ಯಕ್ತಿ ಆಗುತ್ತದೆ. ಊರಿನಲ್ಲಿ ದೇವಸ್ಥಾನ ಅಥವಾ ಮಸೀದಿ ಸಂಬಂಧಿತ ವಿವಾದದಲ್ಲಿ ಧ್ರುವೀಕರಣ ಉಂಟಾದಾಗ, ಹಿರಿಯರು ಎರಡೂ ಪಾಳಯಗಳನ್ನು ಕೂಡಿ ಮಾತನಾಡುವಂತೆ ಪ್ರೇರೇಪಿಸುವುದು. ಸಮುದಾಯದಲ್ಲಿ ನೀರು, ರಸ್ತೆ ಅಥವಾ ಸಾರ್ವಜನಿಕ ಸೌಲಭ್ಯಗಳ ಕುರಿತು ಉಂಟಾಗುವ ಗಲಾಟೆಗಳನ್ನು ಶಾಂತಿಯುತ ಚರ್ಚೆಯ ಮೂಲಕ ಪರಿಹರಿಸಲು ಸಲಹೆ ನೀಡುವುದು. ಇವು ಸಮುದಾಯದಲ್ಲಿ ಪರಸ್ಪರ ನಂಬಿಕೆಯನ್ನು ಹೆಚ್ಚಿಸುತ್ತವೆ. ಹಿರಿಯರ ಜವಾಬ್ದಾರಿಯುತ ಮತ್ತು ಸಮತೋಲನದ ನಿಲುವು ನಡೆ ಸಹಾನುಭೂತಿಯ ಸಮಾಜದಲ್ಲಿ ಶಾಂತಿ, ಒಗ್ಗಟ್ಟು ಮತ್ತು ಪ್ರಜಾಪ್ರಭುತ್ವದ ಮೌಲ್ಯಗಳನ್ನು ಬಲಪಡಿಸುವ ಪ್ರಮುಖ ಪಾತ್ರ ವಹಿಸುತ್ತದೆ.

ಭಿನ್ನ ವ್ಯಕ್ತಿಗಳಲ್ಲಿ ಇರುವ ವೃತ್ತಿನಿರತರು ತಮ್ಮ ಕೆಲಸದ ಭಾಗವಾಗಿ ಬಂಧುತ್ವವನ್ನು ಗಟ್ಟಿಗೊಳಿಸುವ ಪ್ರಕ್ರಿಯೆಯನ್ನು ಮುಂದುವರಿಸಬಹುದು. ಉದಾಹರಣೆಗೆ ಶಿಕ್ಷಕರು ತಮ್ಮ ವೃತ್ತಿಯಲ್ಲಿ ನೈತಿಕ ಆಚರಣೆಗಳನ್ನು ಪಾಲಿಸಿದಾಗ, ಅದು ಬಂಧುತ್ವದ ಸ್ಪಷ್ಟ ಅಭಿವ್ಯಕ್ತಿಯಾಗುತ್ತದೆ. ಶಿಕ್ಷಕರು ತಾರತಮ್ಯ ರಹಿತ ಶಿಕ್ಷಣ ನೀಡುವುದು– ಶಿಕ್ಷಕರು ಮಕ್ಕಳ ಮನಸ್ಸನ್ನು ರೂಪಿಸುವವರು. ತರಗತಿಯಲ್ಲಿ ಎಲ್ಲ ವಿದ್ಯಾರ್ಥಿಗಳನ್ನು ಸಮಾನವಾಗಿ ನೋಡುವುದು ಬಂಧುತ್ವದ ಮೊದಲ ಪಾಠ. ಯಾವುದೇ ವಿದ್ಯಾರ್ಥಿಯ ಜಾತಿ, ಧರ್ಮ ಅಥವಾ ಆರ್ಥಿಕ ಸ್ಥಿತಿಯ ಆಧಾರದ ಮೇಲೆ ಬೇರ್ಪಡಿಸದೆ ಸಮಾನ ಅವಕಾಶ ನೀಡುವುದು; ವಿದ್ಯಾರ್ಥಿಗಳ ಗುಂಪು ಚಟುವಟಿಕೆಗಳಲ್ಲಿ ಮಿಶ್ರ ತಂಡ ರಚಿಸುವುದು; ದುರ್ಬಲ ಹಿನ್ನೆಲೆಯ ಮಕ್ಕಳಿಗೆ ಹೆಚ್ಚುವರಿ ಬೆಂಬಲ ನೀಡುವ ಮೂಲಕ ಆತ್ಮವಿಶ್ವಾಸ ಬೆಳೆಸುವುದು, ಶಾಲಾ ಕಾರ್ಯಕ್ರಮಗಳಲ್ಲಿ ಎಲ್ಲ ಹಬ್ಬಗಳನ್ನು ಸಾಂಸ್ಕೃತಿಕ ಹಬ್ಬಗಳಾಗಿ ಹಂಚುವಂತೆ ಮಾಡುವುದು. ಇಂತಹ ಕ್ರಮಗಳು ಮಕ್ಕಳಲ್ಲಿ, ಯುವಜನರಲ್ಲಿ ಬಂಧುತ್ವದ ಮೌಲ್ಯವನ್ನು ಬಿತ್ತುತ್ತವೆ.

ವೈದ್ಯರು: ರೋಗಿಯನ್ನು ಧರ್ಮ–ಜಾತಿ ಬೇಧವಿಲ್ಲದೆ ಚಿಕಿತ್ಸೆ ನೀಡುವುದು. ಆರೋಗ್ಯ ಕ್ಷೇತ್ರದಲ್ಲಿ ಮಾನವೀಯತೆ ಅತ್ಯಂತ ಮುಖ್ಯ. ವೈದ್ಯರು ರೋಗಿಯನ್ನು ಕೇವಲ ರೋಗಿಯನ್ನಾಗಿ ನೋಡುವುದು ಬಂಧುತ್ವದ ಅತ್ಯುನ್ನತ ಅಭಿವ್ಯಕ್ತಿ. ಆಸ್ಪತ್ರೆಯಲ್ಲಿ ಬಂದ ರೋಗಿ ಅವನ ಧರ್ಮ ಅಥವಾ ಜಾತಿ ವಿಚಾರಿಸದೆ ತಕ್ಷಣ ಚಿಕಿತ್ಸೆ ನೀಡುವುದು. ಆರ್ಥಿಕವಾಗಿ ದುರ್ಬಲ ರೋಗಿಗಳಿಗೆ ರಿಯಾಯಿತಿ ಅಥವಾ ಉಚಿತ ಚಿಕಿತ್ಸೆ ನೀಡುವುದು. ರೋಗಿಯ ಭಾಷೆಯಲ್ಲಿ ಅಥವಾ ಸರಳ ಶಬ್ದಗಳಲ್ಲಿ ಮಾಹಿತಿ ನೀಡಿ ಆತ್ಮವಿಶ್ವಾಸ ಮೂಡಿಸುವುದು. ಸಾಂಕ್ರಾಮಿಕ ರೋಗದ ಸಂದರ್ಭದಲ್ಲಿ ರೋಗಿಗಳನ್ನು ಸಾಮಾಜಿಕವಾಗಿ ದೂರ ಇಡುವ ಬದಲು ವೈದ್ಯಕೀಯ ಆರೈಕೆ ನೀಡುವುದು. ರೋಗಿಗಳ ಪರಿಸ್ಥಿತಿ ಬಗ್ಗೆ ಅವರ ಕಾಳಜಿಯ ಬಗ್ಗೆ ಸಮಾಧಾನವಾಗಿ ವಿವರಿಸುವುದು. ಇವು ವೈದ್ಯಕೀಯ ಕ್ಷೇತ್ರದಲ್ಲಿ ಮಾನವೀಯ ಬಾಂಧವ್ಯವನ್ನು ಗಾಢಗೊಳಿಸುತ್ತವೆ.

ಪತ್ರಕರ್ತರು: ಜವಾಬ್ದಾರಿಯುತ ಸುದ್ದಿಗಳನ್ನು ಪ್ರಕಟಿಸುವುದು, ಪತ್ರಕರ್ತರು ಸಾರ್ವಜನಿಕ ಅಭಿಪ್ರಾಯವನ್ನು ರೂಪಿಸುವ ಪ್ರಮುಖ ಶಕ್ತಿ. ಅವರ ವರದಿ ಮಾಡುವ ಶೈಲಿ ಸಮಾಜದಲ್ಲಿ ಶಾಂತಿ ಅಥವಾ ಸಂಘರ್ಷವನ್ನು ಉತ್ತೇಜಿಸಬಹುದು. ಒಂದು ಘಟನೆಗೆ ಸಂಬಂಧಿಸಿದ ವರದಿಯಲ್ಲಿ ಜಾತಿ ಅಥವಾ ಧರ್ಮವನ್ನು ಅನಗತ್ಯವಾಗಿ ಉಲ್ಲೇಖಿಸದೆ ತಟಸ್ಥವಾಗಿ ವರದಿ ಮಾಡುವುದು. ದ್ವೇಷ ಪ್ರಚೋದಿಸುವ ಭಾಷಣ ಮಾಡಿದರೆ, ಅದರ ವಿರುದ್ಧ ನೈತಿಕ ನಿಲುವು ತಾಳುವುದು. ಸಮಾಜದಲ್ಲಿ ಒಗ್ಗಟ್ಟಿನ ಉದಾಹರಣೆಗಳನ್ನು ಹೈಲೈಟ್ ಮಾಡುವ ವಿಶೇಷ ಲೇಖನಗಳನ್ನು ಪ್ರಕಟಿಸುವುದು. ತಪ್ಪು ಸುದ್ದಿಗಳನ್ನು ಪರಿಶೀಲಿಸಿ ಸರಿಪಡಿಸುವುದು. ಇವು ಮಾಧ್ಯಮ ಕ್ಷೇತ್ರದಲ್ಲಿ ಬಂಧುತ್ವದ ಜವಾಬ್ದಾರಿಯನ್ನು ಪ್ರತಿಬಿಂಬಿಸುತ್ತವೆ.

ಶಿಕ್ಷಕರು ಜ್ಞಾನ ಮೂಲಕ, ವೈದ್ಯರು ಸೇವಾ ಮನೋಭಾವದ ಮೂಲಕ, ಪತ್ರಕರ್ತರು ಜವಾಬ್ದಾರಿಯುತ ವರದಿಗಳ ಮೂಲಕ ಮತ್ತು ಸರ್ಕಾರಿ ಅಧಿಕಾರಿಗಳು ಸಮಾನ ಸೇವೆಯ ಮೂಲಕ– ಸಮಾಜದಲ್ಲಿ ಪರಸ್ಪರ ಗೌರವ ಮತ್ತು ನಂಬಿಕೆಯನ್ನು ಬಲಪಡಿಸಬಹುದು.

ಹೀಗಾಗಿ, ವೃತ್ತಿಪರ ಜೀವನದಲ್ಲಿ ಬಂಧುತ್ವವು ಪ್ರಜಾಪ್ರಭುತ್ವದ ಸಾಮಾಜಿಕ ನೆಲೆಯನ್ನು ಗಟ್ಟಿಗೊಳಿಸುವ ಪ್ರಮುಖ ಅಂಶವಾಗಿದೆ.
